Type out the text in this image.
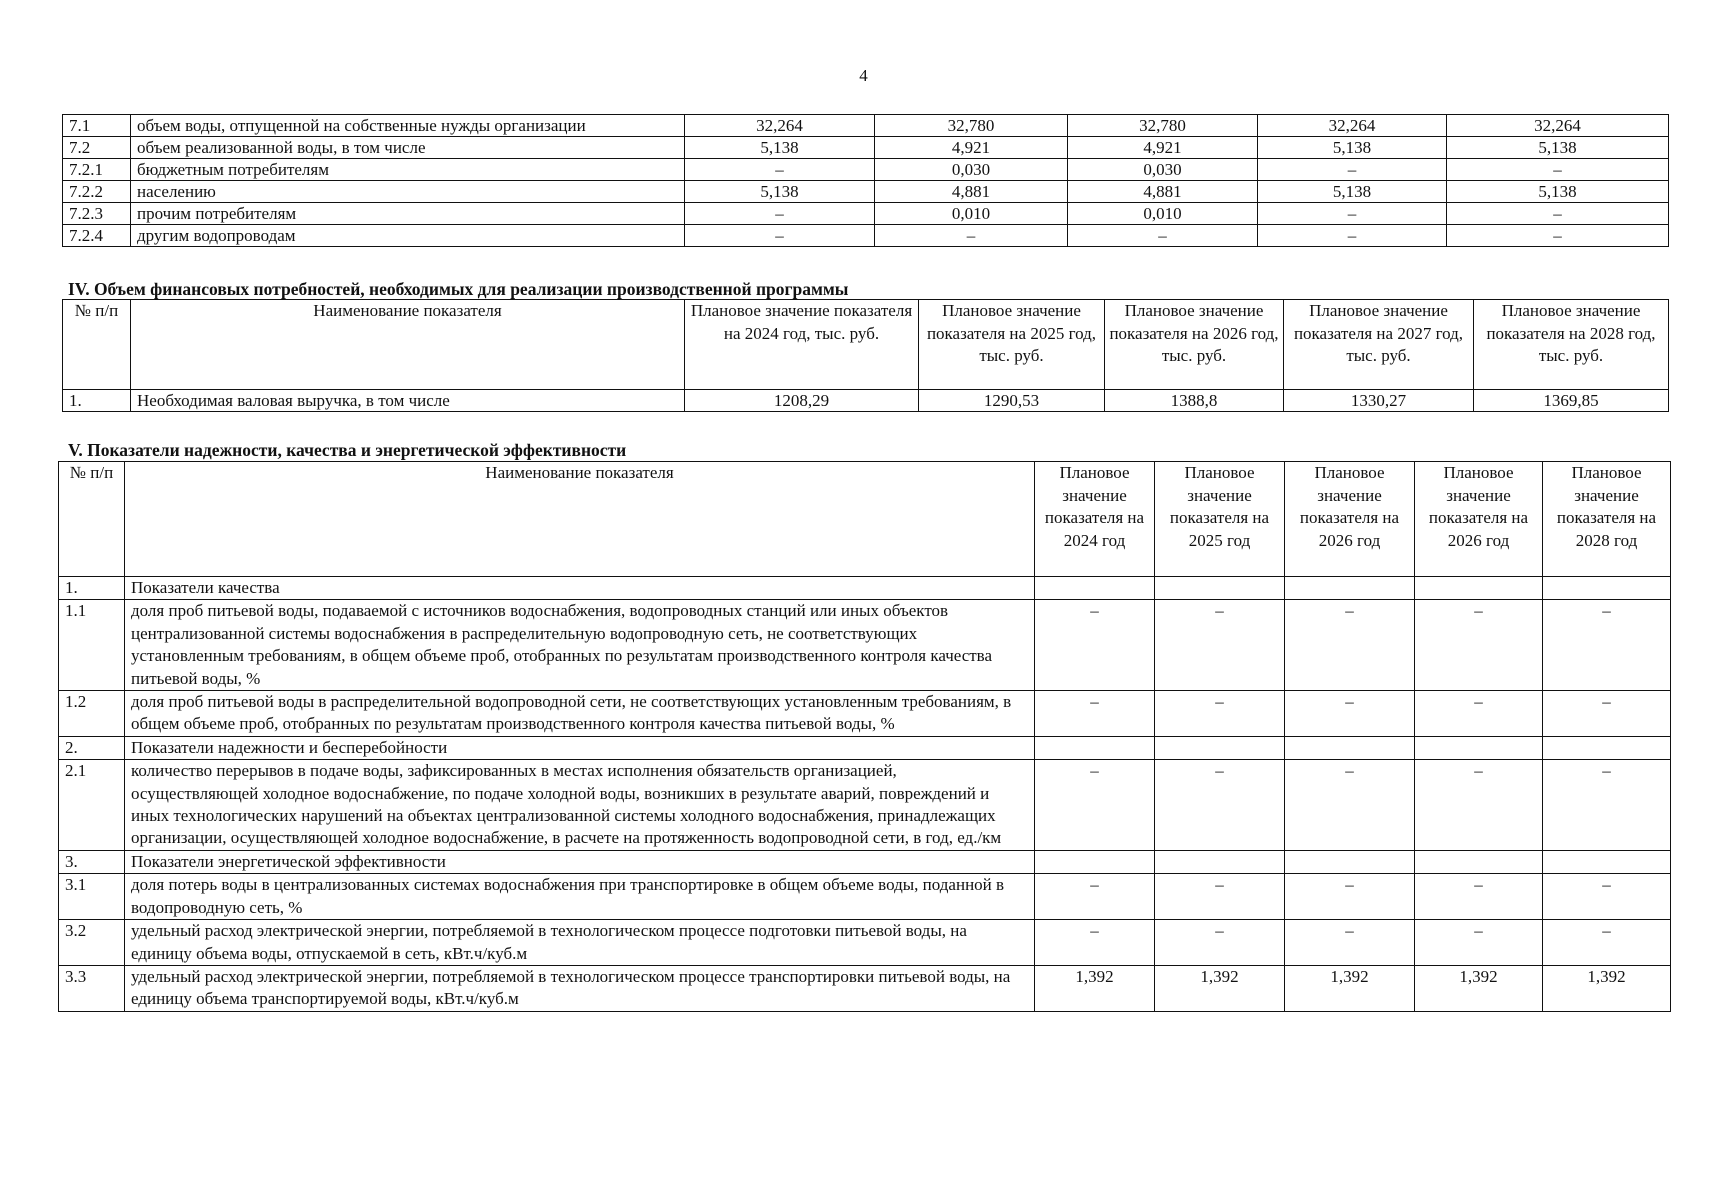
4
7.1	объем воды, отпущенной на собственные нужды организации	32,264	32,780	32,780	32,264	32,264
7.2	объем реализованной воды, в том числе	5,138	4,921	4,921	5,138	5,138
7.2.1	бюджетным потребителям	–	0,030	0,030	–	–
7.2.2	населению	5,138	4,881	4,881	5,138	5,138
7.2.3	прочим потребителям	–	0,010	0,010	–	–
7.2.4	другим водопроводам	–	–	–	–	–
IV. Объем финансовых потребностей, необходимых для реализации производственной программы
№ п/п	Наименование показателя	Плановое значение показателя на 2024 год, тыс. руб.	Плановое значение показателя на 2025 год, тыс. руб.	Плановое значение показателя на 2026 год, тыс. руб.	Плановое значение показателя на 2027 год, тыс. руб.	Плановое значение показателя на 2028 год, тыс. руб.
1.	Необходимая валовая выручка, в том числе	1208,29	1290,53	1388,8	1330,27	1369,85
V. Показатели надежности, качества и энергетической эффективности
№ п/п	Наименование показателя	Плановое значение показателя на 2024 год	Плановое значение показателя на 2025 год	Плановое значение показателя на 2026 год	Плановое значение показателя на 2026 год	Плановое значение показателя на 2028 год
1.	Показатели качества					
1.1	доля проб питьевой воды, подаваемой с источников водоснабжения, водопроводных станций или иных объектов централизованной системы водоснабжения в распределительную водопроводную сеть, не соответствующих установленным требованиям, в общем объеме проб, отобранных по результатам производственного контроля качества питьевой воды, %	–	–	–	–	–
1.2	доля проб питьевой воды в распределительной водопроводной сети, не соответствующих установленным требованиям, в общем объеме проб, отобранных по результатам производственного контроля качества питьевой воды, %	–	–	–	–	–
2.	Показатели надежности и бесперебойности					
2.1	количество перерывов в подаче воды, зафиксированных в местах исполнения обязательств организацией, осуществляющей холодное водоснабжение, по подаче холодной воды, возникших в результате аварий, повреждений и иных технологических нарушений на объектах централизованной системы холодного водоснабжения, принадлежащих организации, осуществляющей холодное водоснабжение, в расчете на протяженность водопроводной сети, в год, ед./км	–	–	–	–	–
3.	Показатели энергетической эффективности					
3.1	доля потерь воды в централизованных системах водоснабжения при транспортировке в общем объеме воды, поданной в водопроводную сеть, %	–	–	–	–	–
3.2	удельный расход электрической энергии, потребляемой в технологическом процессе подготовки питьевой воды, на единицу объема воды, отпускаемой в сеть, кВт.ч/куб.м	–	–	–	–	–
3.3	удельный расход электрической энергии, потребляемой в технологическом процессе транспортировки питьевой воды, на единицу объема транспортируемой воды, кВт.ч/куб.м	1,392	1,392	1,392	1,392	1,392
